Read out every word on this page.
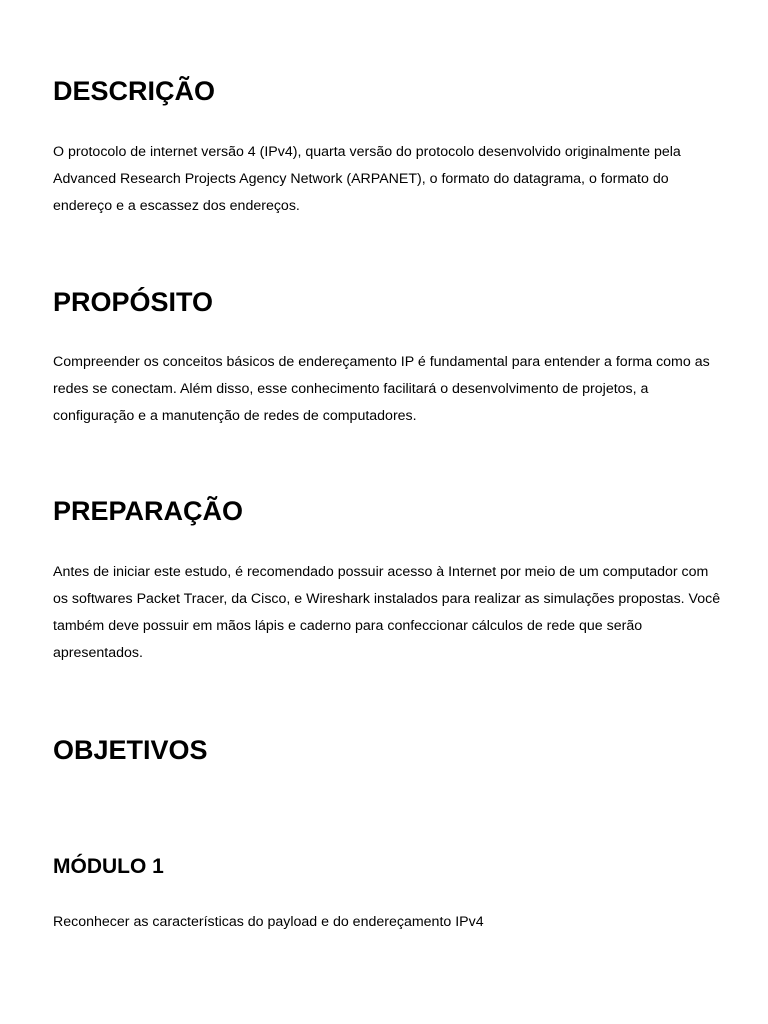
DESCRIÇÃO

O protocolo de internet versão 4 (IPv4), quarta versão do protocolo desenvolvido originalmente pela Advanced Research Projects Agency Network (ARPANET), o formato do datagrama, o formato do endereço e a escassez dos endereços.

PROPÓSITO

Compreender os conceitos básicos de endereçamento IP é fundamental para entender a forma como as redes se conectam. Além disso, esse conhecimento facilitará o desenvolvimento de projetos, a configuração e a manutenção de redes de computadores.

PREPARAÇÃO

Antes de iniciar este estudo, é recomendado possuir acesso à Internet por meio de um computador com os softwares Packet Tracer, da Cisco, e Wireshark instalados para realizar as simulações propostas. Você também deve possuir em mãos lápis e caderno para confeccionar cálculos de rede que serão apresentados.

OBJETIVOS
MÓDULO 1

Reconhecer as características do payload e do endereçamento IPv4
